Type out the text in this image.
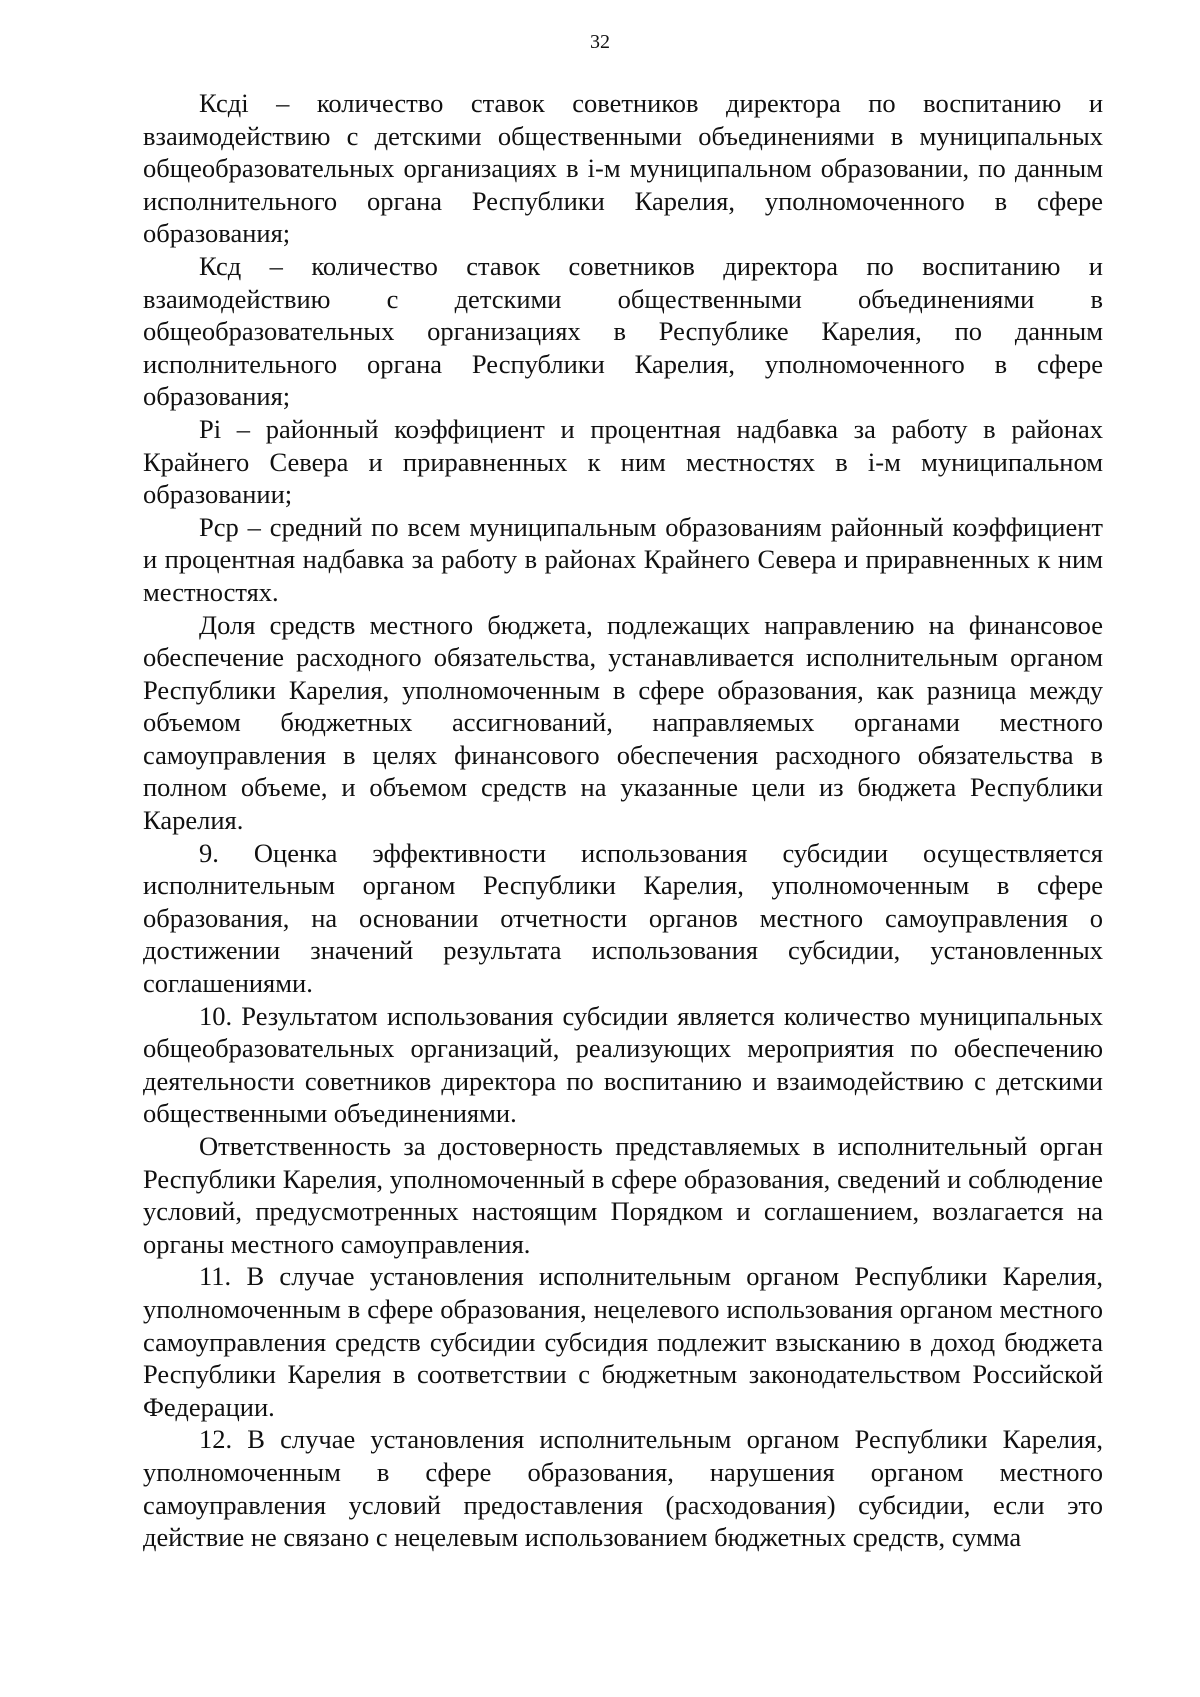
32

Ксдi – количество ставок советников директора по воспитанию и взаимодействию с детскими общественными объединениями в муниципальных общеобразовательных организациях в i-м муниципальном образовании, по данным исполнительного органа Республики Карелия, уполномоченного в сфере образования;

Ксд – количество ставок советников директора по воспитанию и взаимодействию с детскими общественными объединениями в общеобразовательных организациях в Республике Карелия, по данным исполнительного органа Республики Карелия, уполномоченного в сфере образования;

Рi – районный коэффициент и процентная надбавка за работу в районах Крайнего Севера и приравненных к ним местностях в i-м муниципальном образовании;

Рср – средний по всем муниципальным образованиям районный коэффициент и процентная надбавка за работу в районах Крайнего Севера и приравненных к ним местностях.

Доля средств местного бюджета, подлежащих направлению на финансовое обеспечение расходного обязательства, устанавливается исполнительным органом Республики Карелия, уполномоченным в сфере образования, как разница между объемом бюджетных ассигнований, направляемых органами местного самоуправления в целях финансового обеспечения расходного обязательства в полном объеме, и объемом средств на указанные цели из бюджета Республики Карелия.

9. Оценка эффективности использования субсидии осуществляется исполнительным органом Республики Карелия, уполномоченным в сфере образования, на основании отчетности органов местного самоуправления о достижении значений результата использования субсидии, установленных соглашениями.

10. Результатом использования субсидии является количество муниципальных общеобразовательных организаций, реализующих мероприятия по обеспечению деятельности советников директора по воспитанию и взаимодействию с детскими общественными объединениями.

Ответственность за достоверность представляемых в исполнительный орган Республики Карелия, уполномоченный в сфере образования, сведений и соблюдение условий, предусмотренных настоящим Порядком и соглашением, возлагается на органы местного самоуправления.

11. В случае установления исполнительным органом Республики Карелия, уполномоченным в сфере образования, нецелевого использования органом местного самоуправления средств субсидии субсидия подлежит взысканию в доход бюджета Республики Карелия в соответствии с бюджетным законодательством Российской Федерации.

12. В случае установления исполнительным органом Республики Карелия, уполномоченным в сфере образования, нарушения органом местного самоуправления условий предоставления (расходования) субсидии, если это действие не связано с нецелевым использованием бюджетных средств, сумма
